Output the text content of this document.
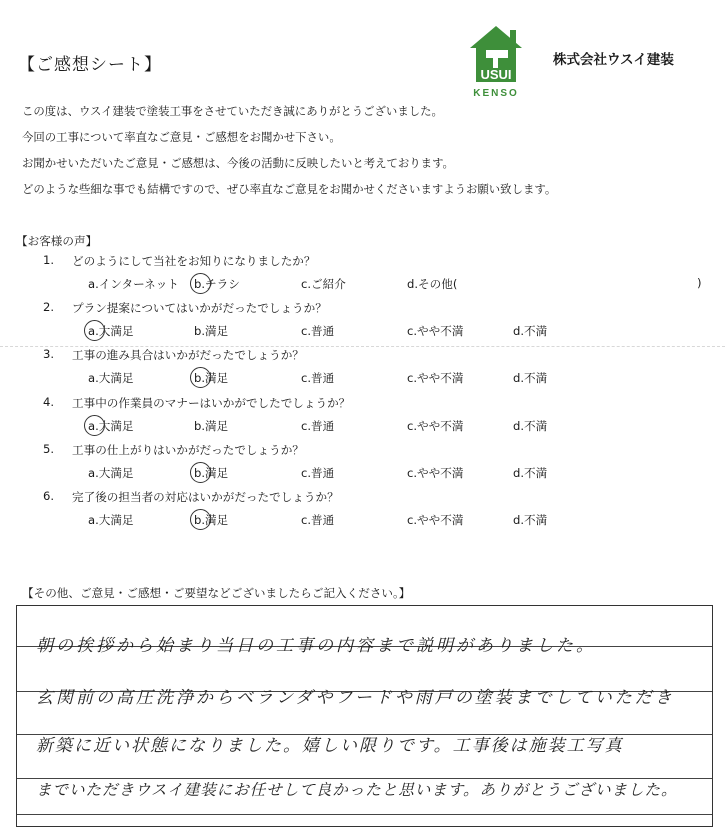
USUI
KENSO
【ご感想シート】	株式会社ウスイ建装
この度は、ウスイ建装で塗装工事をさせていただき誠にありがとうございました。
今回の工事について率直なご意見・ご感想をお聞かせ下さい。
お聞かせいただいたご意見・ご感想は、今後の活動に反映したいと考えております。
どのような些細な事でも結構ですので、ぜひ率直なご意見をお聞かせくださいますようお願い致します。
【お客様の声】
1. どのようにして当社をお知りになりましたか？
a.インターネット b.チラシ	c.ご紹介	d.その他(	)
2. プラン提案についてはいかがだったでしょうか？
a.大満足	b.満足	c.普通	c.やや不満	d.不満
3. 工事の進み具合はいかがだったでしょうか？
a.大満足	b.満足	c.普通	c.やや不満	d.不満
4. 工事中の作業員のマナーはいかがでしたでしょうか？
a.大満足	b.満足	c.普通	c.やや不満	d.不満
5. 工事の仕上がりはいかがだったでしょうか？
a.大満足	b.満足	c.普通	c.やや不満	d.不満
6. 完了後の担当者の対応はいかがだったでしょうか？
a.大満足	b.満足	c.普通	c.やや不満	d.不満
【その他、ご意見・ご感想・ご要望などございましたらご記入ください。】
朝の挨拶から始まり当日の工事の内容まで説明がありました。
玄関前の高圧洗浄からベランダやフードや雨戸の塗装までしていただき
新築に近い状態になりました。嬉しい限りです。工事後は施装工写真
までいただきウスイ建装にお任せして良かったと思います。ありがとうございました。
